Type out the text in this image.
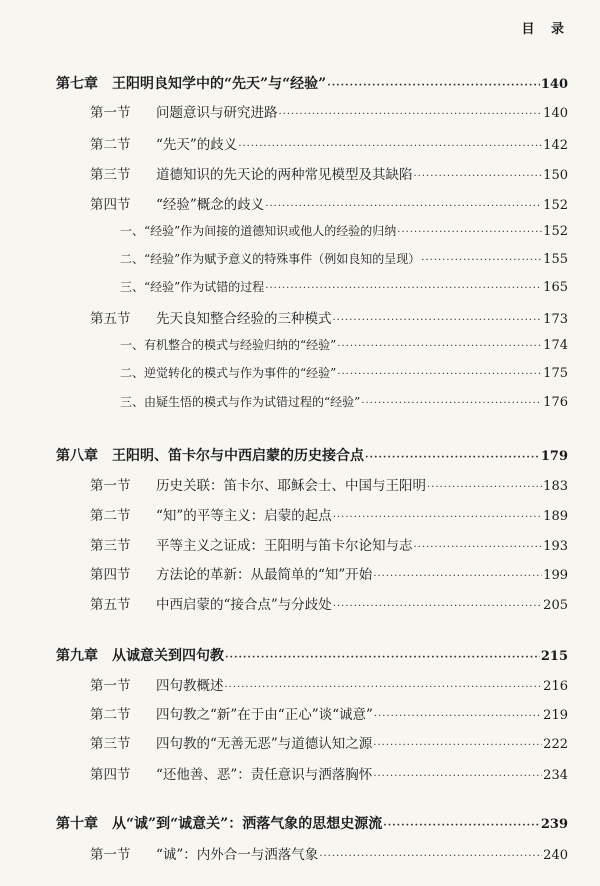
目 录
第七章　王阳明良知学中的“先天”与“经验” ·····	140
第一节 问题意识与研究进路 ·····	140
第二节 “先天”的歧义 ·····	142
第三节 道德知识的先天论的两种常见模型及其缺陷 ·····	150
第四节 “经验”概念的歧义 ·····	152
一、“经验”作为间接的道德知识或他人的经验的归纳 ·····	152
二、“经验”作为赋予意义的特殊事件（例如良知的呈现） ·····	155
三、“经验”作为试错的过程 ·····	165
第五节 先天良知整合经验的三种模式 ·····	173
一、有机整合的模式与经验归纳的“经验” ·····	174
二、逆觉转化的模式与作为事件的“经验” ·····	175
三、由疑生悟的模式与作为试错过程的“经验” ·····	176
第八章　王阳明、笛卡尔与中西启蒙的历史接合点 ·····	179
第一节 历史关联：笛卡尔、耶稣会士、中国与王阳明 ·····	183
第二节 “知”的平等主义：启蒙的起点 ·····	189
第三节 平等主义之证成：王阳明与笛卡尔论知与志 ·····	193
第四节 方法论的革新：从最简单的“知”开始 ·····	199
第五节 中西启蒙的“接合点”与分歧处 ·····	205
第九章　从诚意关到四句教 ·····	215
第一节 四句教概述 ·····	216
第二节 四句教之“新”在于由“正心”谈“诚意” ·····	219
第三节 四句教的“无善无恶”与道德认知之源 ·····	222
第四节 “还他善、恶”：责任意识与洒落胸怀 ·····	234
第十章　从“诚”到“诚意关”：洒落气象的思想史源流 ·····	239
第一节 “诚”：内外合一与洒落气象 ·····	240
